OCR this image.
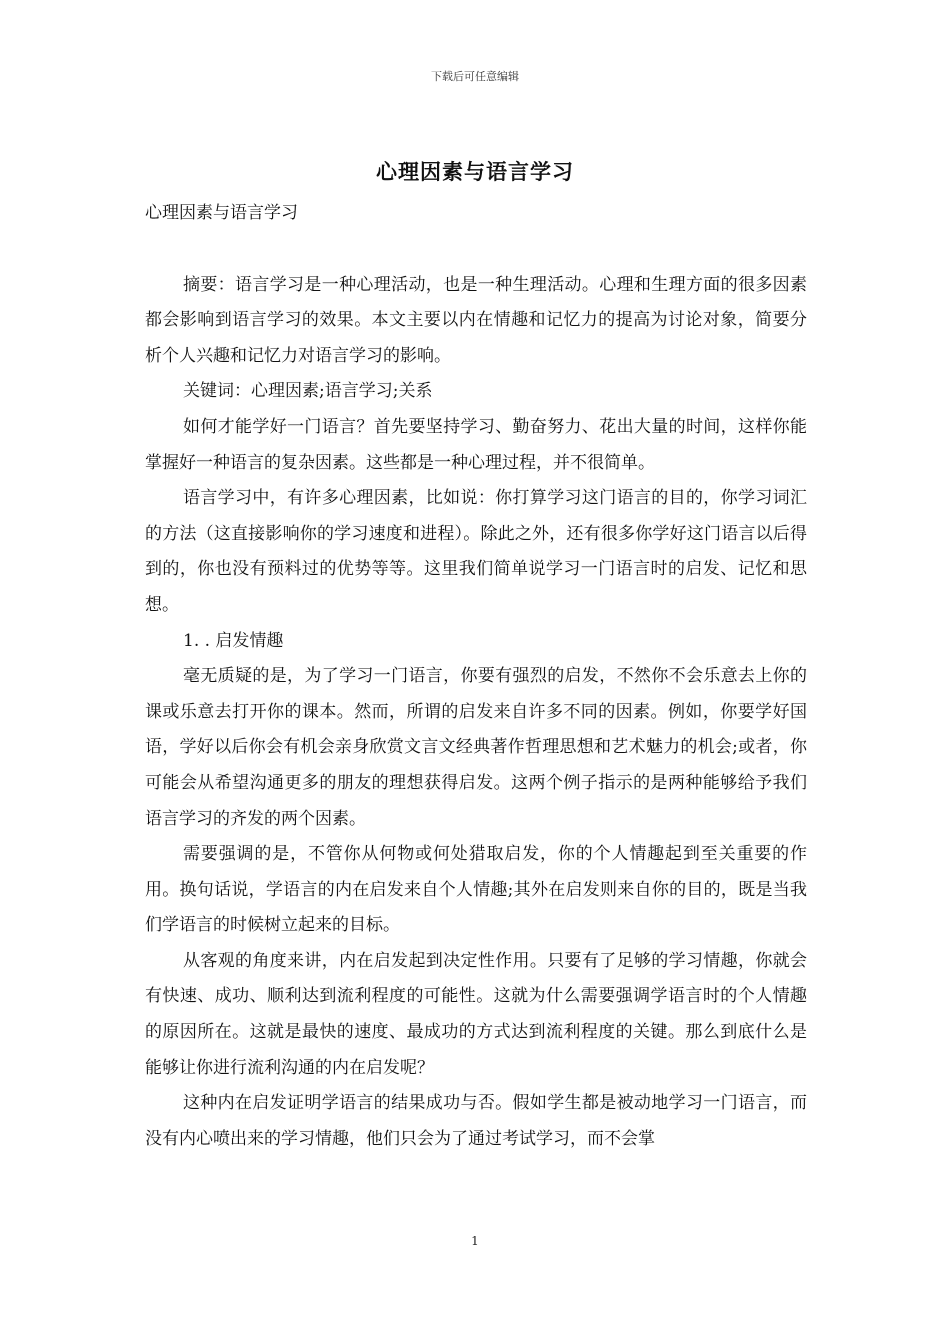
下载后可任意编辑
心理因素与语言学习

心理因素与语言学习

摘要：语言学习是一种心理活动，也是一种生理活动。心理和生理方面的很多因素都会影响到语言学习的效果。本文主要以内在情趣和记忆力的提高为讨论对象，简要分析个人兴趣和记忆力对语言学习的影响。

关键词：心理因素;语言学习;关系

如何才能学好一门语言？首先要坚持学习、勤奋努力、花出大量的时间，这样你能掌握好一种语言的复杂因素。这些都是一种心理过程，并不很简单。

语言学习中，有许多心理因素，比如说：你打算学习这门语言的目的，你学习词汇的方法（这直接影响你的学习速度和进程）。除此之外，还有很多你学好这门语言以后得到的，你也没有预料过的优势等等。这里我们简单说学习一门语言时的启发、记忆和思想。

1. . 启发情趣

毫无质疑的是，为了学习一门语言，你要有强烈的启发，不然你不会乐意去上你的课或乐意去打开你的课本。然而，所谓的启发来自许多不同的因素。例如，你要学好国语，学好以后你会有机会亲身欣赏文言文经典著作哲理思想和艺术魅力的机会;或者，你可能会从希望沟通更多的朋友的理想获得启发。这两个例子指示的是两种能够给予我们语言学习的齐发的两个因素。

需要强调的是，不管你从何物或何处猎取启发，你的个人情趣起到至关重要的作用。换句话说，学语言的内在启发来自个人情趣;其外在启发则来自你的目的，既是当我们学语言的时候树立起来的目标。

从客观的角度来讲，内在启发起到决定性作用。只要有了足够的学习情趣，你就会有快速、成功、顺利达到流利程度的可能性。这就为什么需要强调学语言时的个人情趣的原因所在。这就是最快的速度、最成功的方式达到流利程度的关键。那么到底什么是能够让你进行流利沟通的内在启发呢？

这种内在启发证明学语言的结果成功与否。假如学生都是被动地学习一门语言，而没有内心喷出来的学习情趣，他们只会为了通过考试学习，而不会掌

1
